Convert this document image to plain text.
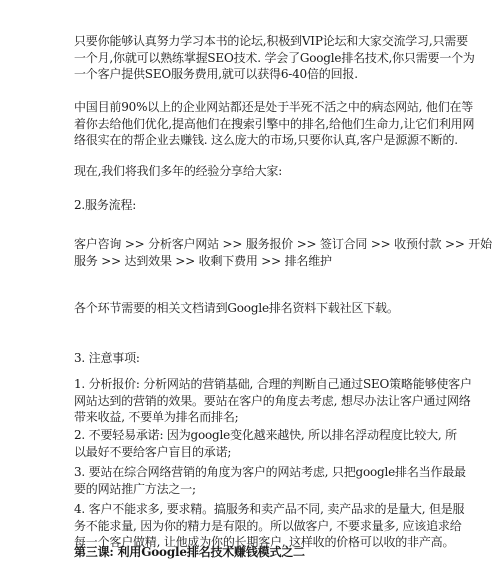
只要你能够认真努力学习本书的论坛,积极到VIP论坛和大家交流学习,只需要
一个月,你就可以熟练掌握SEO技术. 学会了Google排名技术,你只需要一个为
一个客户提供SEO服务费用,就可以获得6-40倍的回报.
中国目前90%以上的企业网站都还是处于半死不活之中的病态网站, 他们在等
着你去给他们优化,提高他们在搜索引擎中的排名,给他们生命力,让它们利用网
络很实在的帮企业去赚钱. 这么庞大的市场,只要你认真,客户是源源不断的.
现在,我们将我们多年的经验分享给大家:
2.服务流程:
客户咨询 >> 分析客户网站 >> 服务报价 >> 签订合同 >> 收预付款 >> 开始
服务 >> 达到效果 >> 收剩下费用 >> 排名维护
各个环节需要的相关文档请到Google排名资料下载社区下载。
3. 注意事项:
1. 分析报价: 分析网站的营销基础, 合理的判断自己通过SEO策略能够使客户
网站达到的营销的效果。要站在客户的角度去考虑, 想尽办法让客户通过网络
带来收益, 不要单为排名而排名;
2. 不要轻易承诺: 因为google变化越来越快, 所以排名浮动程度比较大, 所
以最好不要给客户盲目的承诺;
3. 要站在综合网络营销的角度为客户的网站考虑, 只把google排名当作最最
要的网站推广方法之一;
4. 客户不能求多, 要求精。搞服务和卖产品不同, 卖产品求的是量大, 但是服
务不能求量, 因为你的精力是有限的。所以做客户, 不要求量多, 应该追求给
每一个客户做精, 让他成为你的长期客户, 这样收的价格可以收的非产高。
第三课: 利用Google排名技术赚钱模式之二
